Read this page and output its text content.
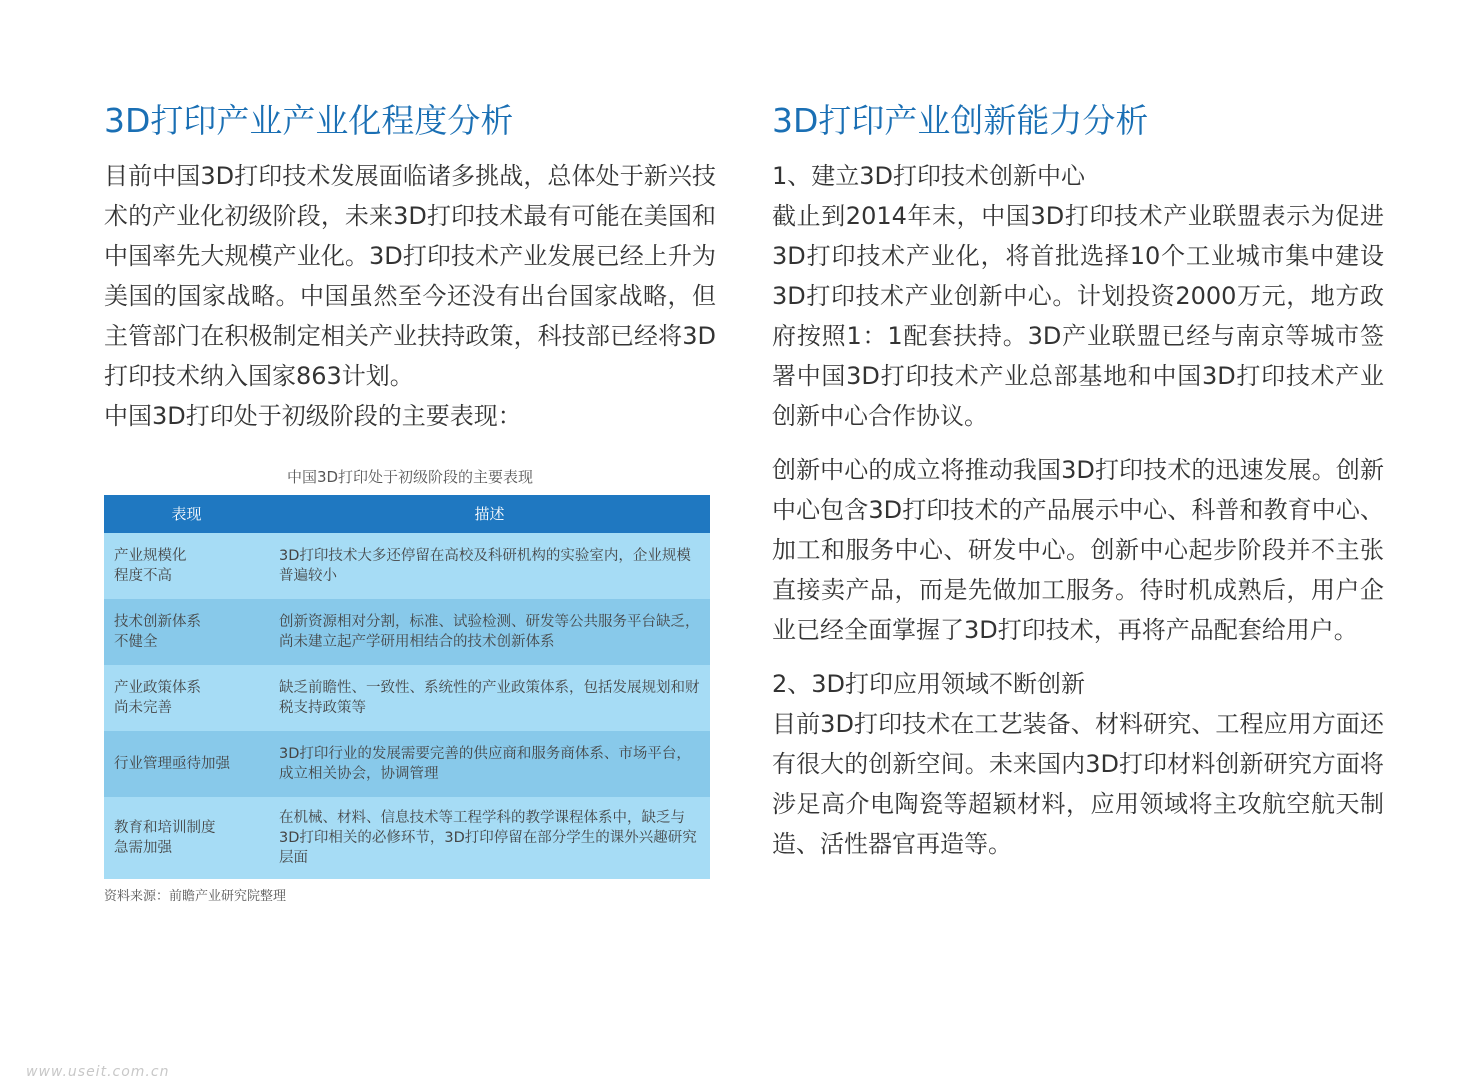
3D打印产业产业化程度分析

目前中国3D打印技术发展面临诸多挑战，总体处于新兴技术的产业化初级阶段，未来3D打印技术最有可能在美国和中国率先大规模产业化。3D打印技术产业发展已经上升为美国的国家战略。中国虽然至今还没有出台国家战略，但主管部门在积极制定相关产业扶持政策，科技部已经将3D打印技术纳入国家863计划。

中国3D打印处于初级阶段的主要表现：

中国3D打印处于初级阶段的主要表现
表现	描述
产业规模化
程度不高	3D打印技术大多还停留在高校及科研机构的实验室内，企业规模普遍较小
技术创新体系
不健全	创新资源相对分割，标准、试验检测、研发等公共服务平台缺乏，尚未建立起产学研用相结合的技术创新体系
产业政策体系
尚未完善	缺乏前瞻性、一致性、系统性的产业政策体系，包括发展规划和财税支持政策等
行业管理亟待加强	3D打印行业的发展需要完善的供应商和服务商体系、市场平台，成立相关协会，协调管理
教育和培训制度
急需加强	在机械、材料、信息技术等工程学科的教学课程体系中，缺乏与3D打印相关的必修环节，3D打印停留在部分学生的课外兴趣研究层面
资料来源：前瞻产业研究院整理
3D打印产业创新能力分析

1、建立3D打印技术创新中心

截止到2014年末，中国3D打印技术产业联盟表示为促进3D打印技术产业化，将首批选择10个工业城市集中建设3D打印技术产业创新中心。计划投资2000万元，地方政府按照1：1配套扶持。3D产业联盟已经与南京等城市签署中国3D打印技术产业总部基地和中国3D打印技术产业创新中心合作协议。

创新中心的成立将推动我国3D打印技术的迅速发展。创新中心包含3D打印技术的产品展示中心、科普和教育中心、加工和服务中心、研发中心。创新中心起步阶段并不主张直接卖产品，而是先做加工服务。待时机成熟后，用户企业已经全面掌握了3D打印技术，再将产品配套给用户。

2、3D打印应用领域不断创新

目前3D打印技术在工艺装备、材料研究、工程应用方面还有很大的创新空间。未来国内3D打印材料创新研究方面将涉足高介电陶瓷等超颖材料，应用领域将主攻航空航天制造、活性器官再造等。

www.useit.com.cn
